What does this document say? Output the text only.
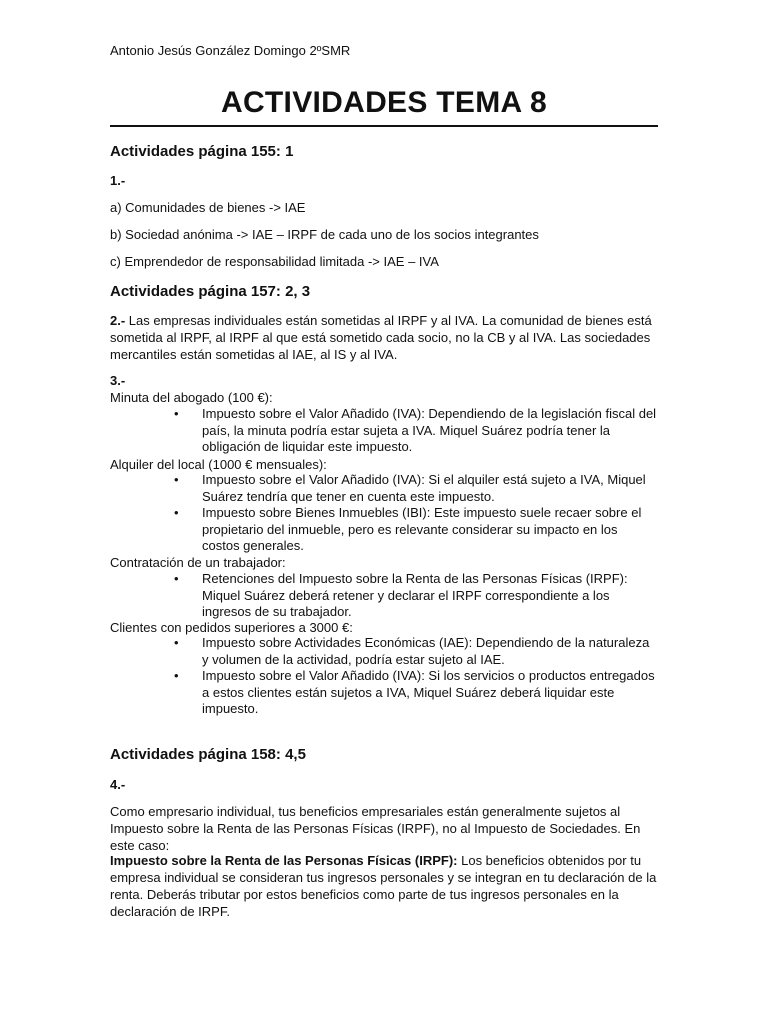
Antonio Jesús González Domingo 2ºSMR
ACTIVIDADES TEMA 8
Actividades página 155: 1
1.-
a) Comunidades de bienes -> IAE
b) Sociedad anónima -> IAE – IRPF de cada uno de los socios integrantes
c) Emprendedor de responsabilidad limitada -> IAE – IVA
Actividades página 157: 2, 3
2.- Las empresas individuales están sometidas al IRPF y al IVA. La comunidad de bienes está sometida al IRPF, al IRPF al que está sometido cada socio, no la CB y al IVA. Las sociedades mercantiles están sometidas al IAE, al IS y al IVA.
3.-
Minuta del abogado (100 €):
• Impuesto sobre el Valor Añadido (IVA): Dependiendo de la legislación fiscal del país, la minuta podría estar sujeta a IVA. Miquel Suárez podría tener la obligación de liquidar este impuesto.
Alquiler del local (1000 € mensuales):
• Impuesto sobre el Valor Añadido (IVA): Si el alquiler está sujeto a IVA, Miquel Suárez tendría que tener en cuenta este impuesto.
• Impuesto sobre Bienes Inmuebles (IBI): Este impuesto suele recaer sobre el propietario del inmueble, pero es relevante considerar su impacto en los costos generales.
Contratación de un trabajador:
• Retenciones del Impuesto sobre la Renta de las Personas Físicas (IRPF): Miquel Suárez deberá retener y declarar el IRPF correspondiente a los ingresos de su trabajador.
Clientes con pedidos superiores a 3000 €:
• Impuesto sobre Actividades Económicas (IAE): Dependiendo de la naturaleza y volumen de la actividad, podría estar sujeto al IAE.
• Impuesto sobre el Valor Añadido (IVA): Si los servicios o productos entregados a estos clientes están sujetos a IVA, Miquel Suárez deberá liquidar este impuesto.
Actividades página 158: 4,5
4.-
Como empresario individual, tus beneficios empresariales están generalmente sujetos al Impuesto sobre la Renta de las Personas Físicas (IRPF), no al Impuesto de Sociedades. En este caso:
Impuesto sobre la Renta de las Personas Físicas (IRPF): Los beneficios obtenidos por tu empresa individual se consideran tus ingresos personales y se integran en tu declaración de la renta. Deberás tributar por estos beneficios como parte de tus ingresos personales en la declaración de IRPF.
